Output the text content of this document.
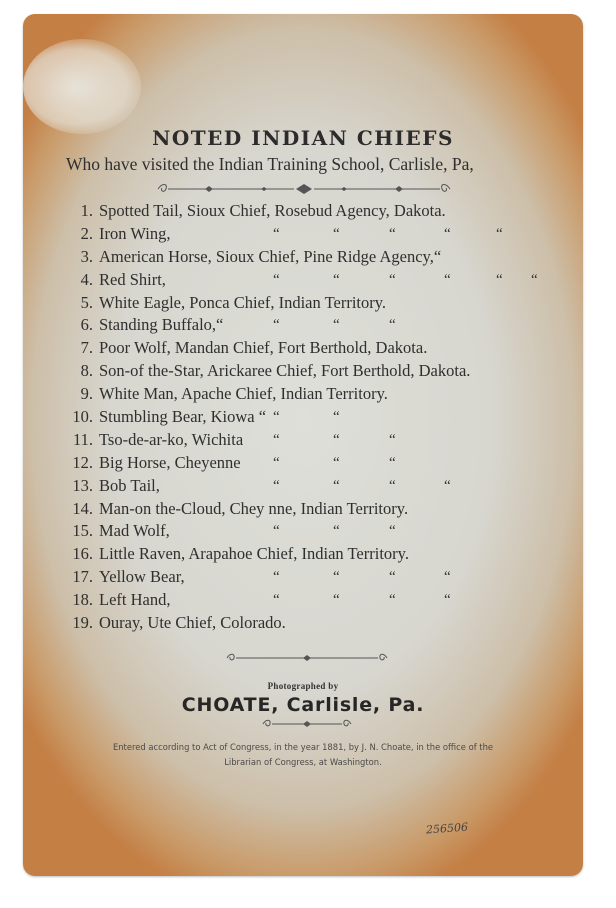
NOTED INDIAN CHIEFS
Who have visited the Indian Training School, Carlisle, Pa,
1. Spotted Tail, Sioux Chief, Rosebud Agency, Dakota.
2. Iron Wing,	“	“	“	“	“
3. American Horse, Sioux Chief, Pine Ridge Agency,“
4. Red Shirt,	“	“	“	“	“ “
5. White Eagle, Ponca Chief, Indian Territory.
6. Standing Buffalo,“	“	“	“
7. Poor Wolf, Mandan Chief, Fort Berthold, Dakota.
8. Son-of the-Star, Arickaree Chief, Fort Berthold, Dakota.
9. White Man, Apache Chief, Indian Territory.
10. Stumbling Bear, Kiowa “ “	“
11. Tso-de-ar-ko, Wichita “	“	“
12. Big Horse, Cheyenne “	“	“
13. Bob Tail,	“	“	“	“
14. Man-on the-Cloud, Chey nne, Indian Territory.
15. Mad Wolf,	“	“	“
16. Little Raven, Arapahoe Chief, Indian Territory.
17. Yellow Bear,	“	“	“	“
18. Left Hand,	“	“	“	“
19. Ouray, Ute Chief, Colorado.
Photographed by
CHOATE, Carlisle, Pa.
Entered according to Act of Congress, in the year 1881, by J. N. Choate, in the office of the
Librarian of Congress, at Washington.
256506
